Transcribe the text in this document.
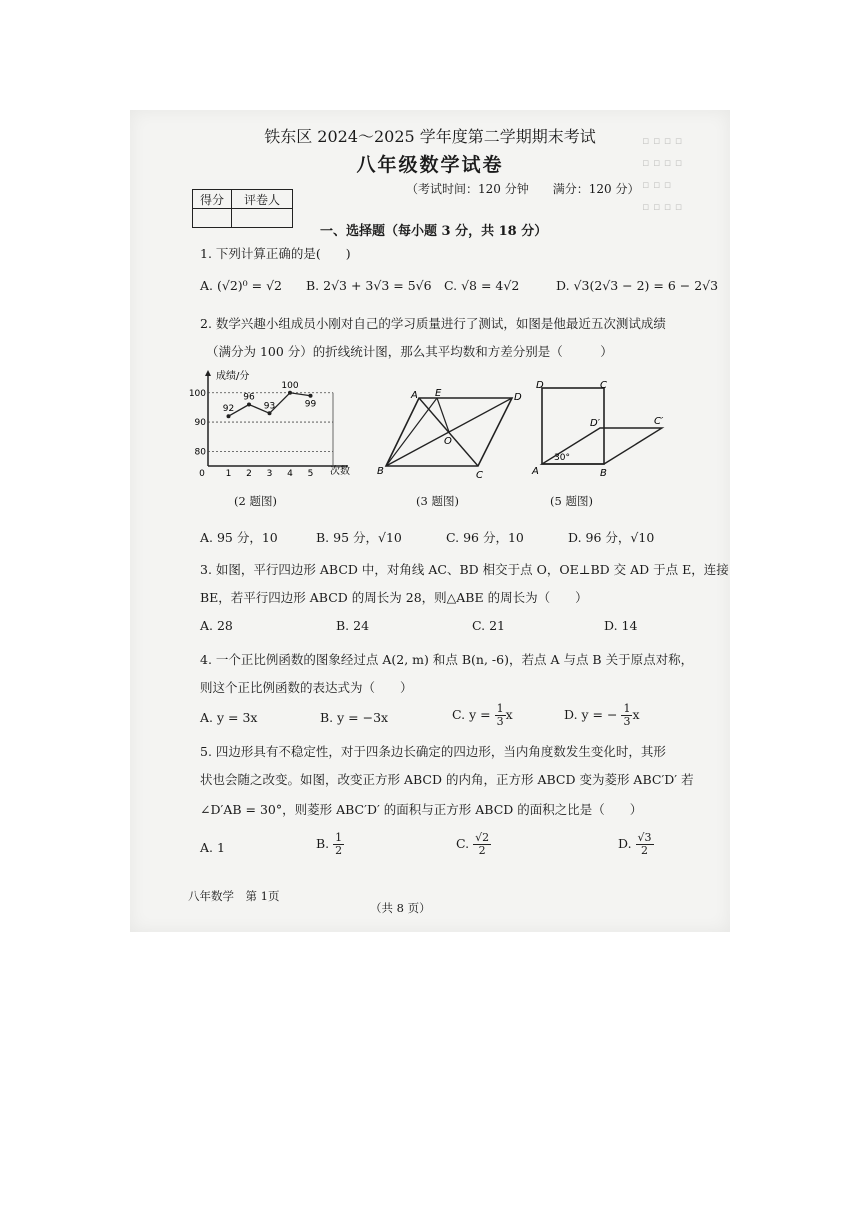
▫ ▫ ▫ ▫
▫ ▫ ▫ ▫
▫ ▫ ▫
▫ ▫ ▫ ▫
铁东区 2024～2025 学年度第二学期期末考试
八年级数学试卷
（考试时间：120 分钟 满分：120 分）
得分	评卷人

一、选择题（每小题 3 分，共 18 分）
1. 下列计算正确的是(　　)
A. (√2)⁰ = √2 B. 2√3 + 3√3 = 5√6 C. √8 = 4√2	D. √3(2√3 − 2) = 6 − 2√3
2. 数学兴趣小组成员小刚对自己的学习质量进行了测试，如图是他最近五次测试成绩
（满分为 100 分）的折线统计图，那么其平均数和方差分别是（　　　）
80
90
100
0 1 2 3 4 5
92
96
93
100
99
成绩/分
次数
(2 题图)
A E	D
O
B	C
(3 题图)
D	C
D′	C′
A	B
30°
(5 题图)
A. 95 分，10	B. 95 分，√10	C. 96 分，10	D. 96 分，√10
3. 如图，平行四边形 ABCD 中，对角线 AC、BD 相交于点 O，OE⊥BD 交 AD 于点 E，连接
BE，若平行四边形 ABCD 的周长为 28，则△ABE 的周长为（　　）
A. 28	B. 24	C. 21	D. 14
4. 一个正比例函数的图象经过点 A(2, m) 和点 B(n, -6)，若点 A 与点 B 关于原点对称，
则这个正比例函数的表达式为（　　）
A. y = 3x	B. y = −3x	C. $y = \frac{1}{3}$ x	D. y = − $\frac{1}{3}$ x
5. 四边形具有不稳定性，对于四条边长确定的四边形，当内角度数发生变化时，其形
状也会随之改变。如图，改变正方形 ABCD 的内角，正方形 ABCD 变为菱形 ABC′D′ 若
∠D′AB = 30°，则菱形 ABC′D′ 的面积与正方形 ABCD 的面积之比是（　　）
A. 1	B. $\frac{1}{2}$	C. $\frac{√2}{2}$	D. $\frac{√3}{2}$
八年数学　第 1页
（共 8 页）
